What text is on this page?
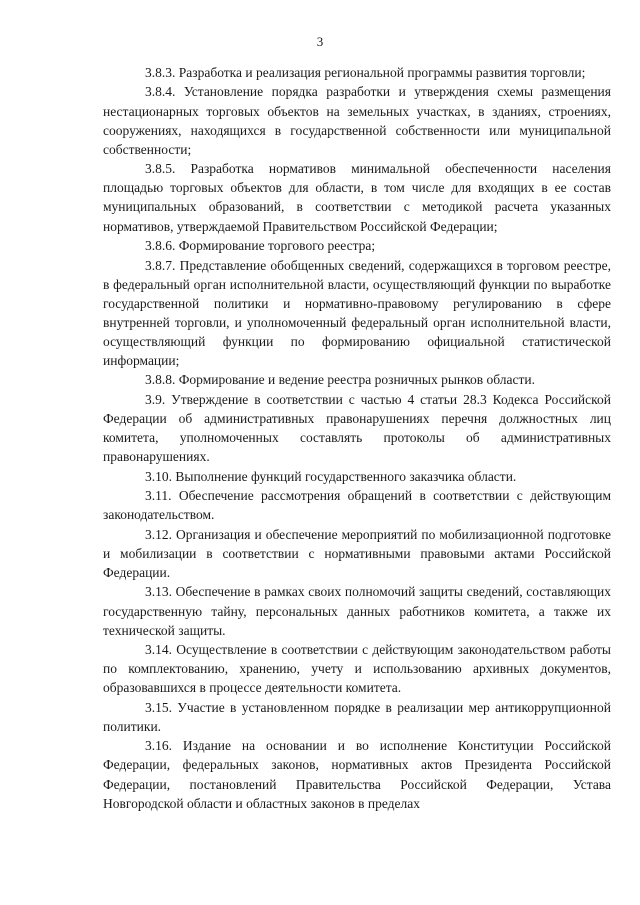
3

3.8.3. Разработка и реализация региональной программы развития торговли;

3.8.4. Установление порядка разработки и утверждения схемы размещения нестационарных торговых объектов на земельных участках, в зданиях, строениях, сооружениях, находящихся в государственной собственности или муниципальной собственности;

3.8.5. Разработка нормативов минимальной обеспеченности населения площадью торговых объектов для области, в том числе для входящих в ее состав муниципальных образований, в соответствии с методикой расчета указанных нормативов, утверждаемой Правительством Российской Федерации;

3.8.6. Формирование торгового реестра;

3.8.7. Представление обобщенных сведений, содержащихся в торговом реестре, в федеральный орган исполнительной власти, осуществляющий функции по выработке государственной политики и нормативно-правовому регулированию в сфере внутренней торговли, и уполномоченный федеральный орган исполнительной власти, осуществляющий функции по формированию официальной статистической информации;

3.8.8. Формирование и ведение реестра розничных рынков области.

3.9. Утверждение в соответствии с частью 4 статьи 28.3 Кодекса Российской Федерации об административных правонарушениях перечня должностных лиц комитета, уполномоченных составлять протоколы об административных правонарушениях.

3.10. Выполнение функций государственного заказчика области.

3.11. Обеспечение рассмотрения обращений в соответствии с действующим законодательством.

3.12. Организация и обеспечение мероприятий по мобилизационной подготовке и мобилизации в соответствии с нормативными правовыми актами Российской Федерации.

3.13. Обеспечение в рамках своих полномочий защиты сведений, составляющих государственную тайну, персональных данных работников комитета, а также их технической защиты.

3.14. Осуществление в соответствии с действующим законодательством работы по комплектованию, хранению, учету и использованию архивных документов, образовавшихся в процессе деятельности комитета.

3.15. Участие в установленном порядке в реализации мер антикоррупционной политики.

3.16. Издание на основании и во исполнение Конституции Российской Федерации, федеральных законов, нормативных актов Президента Российской Федерации, постановлений Правительства Российской Федерации, Устава Новгородской области и областных законов в пределах
